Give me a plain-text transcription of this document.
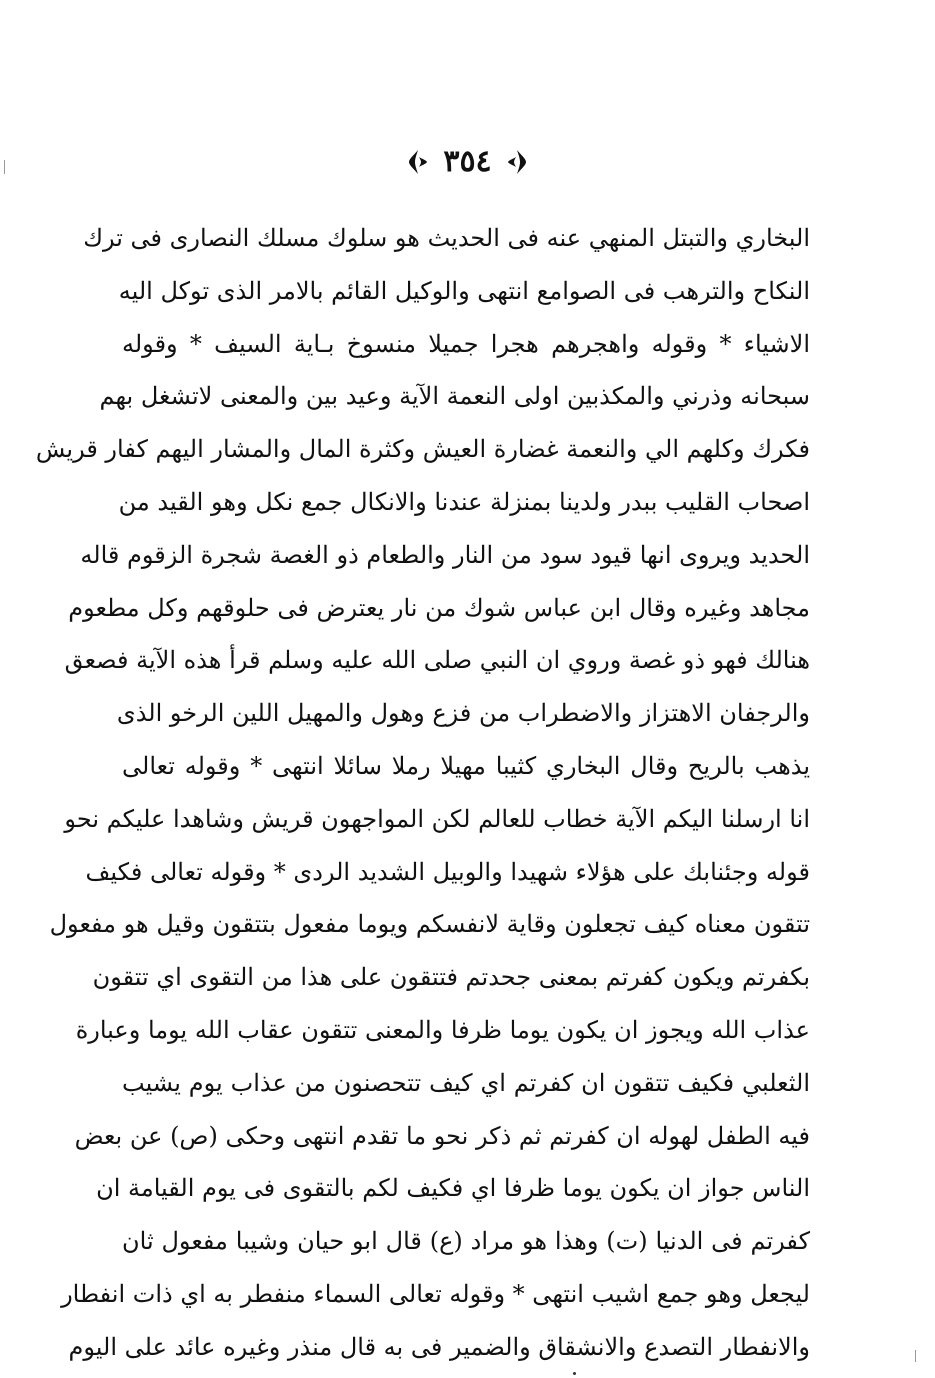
٣٥٤
البخاري والتبتل المنهي عنه فى الحديث هو سلوك مسلك النصارى فى ترك
النكاح والترهب فى الصوامع انتهى والوكيل القائم بالامر الذى توكل اليه
الاشياء * وقوله واهجرهم هجرا جميلا منسوخ بـاية السيف * وقوله
سبحانه وذرني والمكذبين اولى النعمة الآية وعيد بين والمعنى لاتشغل بهم
فكرك وكلهم الي والنعمة غضارة العيش وكثرة المال والمشار اليهم كفار قريش
اصحاب القليب ببدر ولدينا بمنزلة عندنا والانكال جمع نكل وهو القيد من
الحديد ويروى انها قيود سود من النار والطعام ذو الغصة شجرة الزقوم قاله
مجاهد وغيره وقال ابن عباس شوك من نار يعترض فى حلوقهم وكل مطعوم
هنالك فهو ذو غصة وروي ان النبي صلى الله عليه وسلم قرأ هذه الآية فصعق
والرجفان الاهتزاز والاضطراب من فزع وهول والمهيل اللين الرخو الذى
يذهب بالريح وقال البخاري كثيبا مهيلا رملا سائلا انتهى * وقوله تعالى
انا ارسلنا اليكم الآية خطاب للعالم لكن المواجهون قريش وشاهدا عليكم نحو
قوله وجئنابك على هؤلاء شهيدا والوبيل الشديد الردى * وقوله تعالى فكيف
تتقون معناه كيف تجعلون وقاية لانفسكم ويوما مفعول بتتقون وقيل هو مفعول
بكفرتم ويكون كفرتم بمعنى جحدتم فتتقون على هذا من التقوى اي تتقون
عذاب الله ويجوز ان يكون يوما ظرفا والمعنى تتقون عقاب الله يوما وعبارة
الثعلبي فكيف تتقون ان كفرتم اي كيف تتحصنون من عذاب يوم يشيب
فيه الطفل لهوله ان كفرتم ثم ذكر نحو ما تقدم انتهى وحكى (ص) عن بعض
الناس جواز ان يكون يوما ظرفا اي فكيف لكم بالتقوى فى يوم القيامة ان
كفرتم فى الدنيا (ت) وهذا هو مراد (ع) قال ابو حيان وشيبا مفعول ثان
ليجعل وهو جمع اشيب انتهى * وقوله تعالى السماء منفطر به اي ذات انفطار
والانفطار التصدع والانشقاق والضمير فى به قال منذر وغيره عائد على اليوم
